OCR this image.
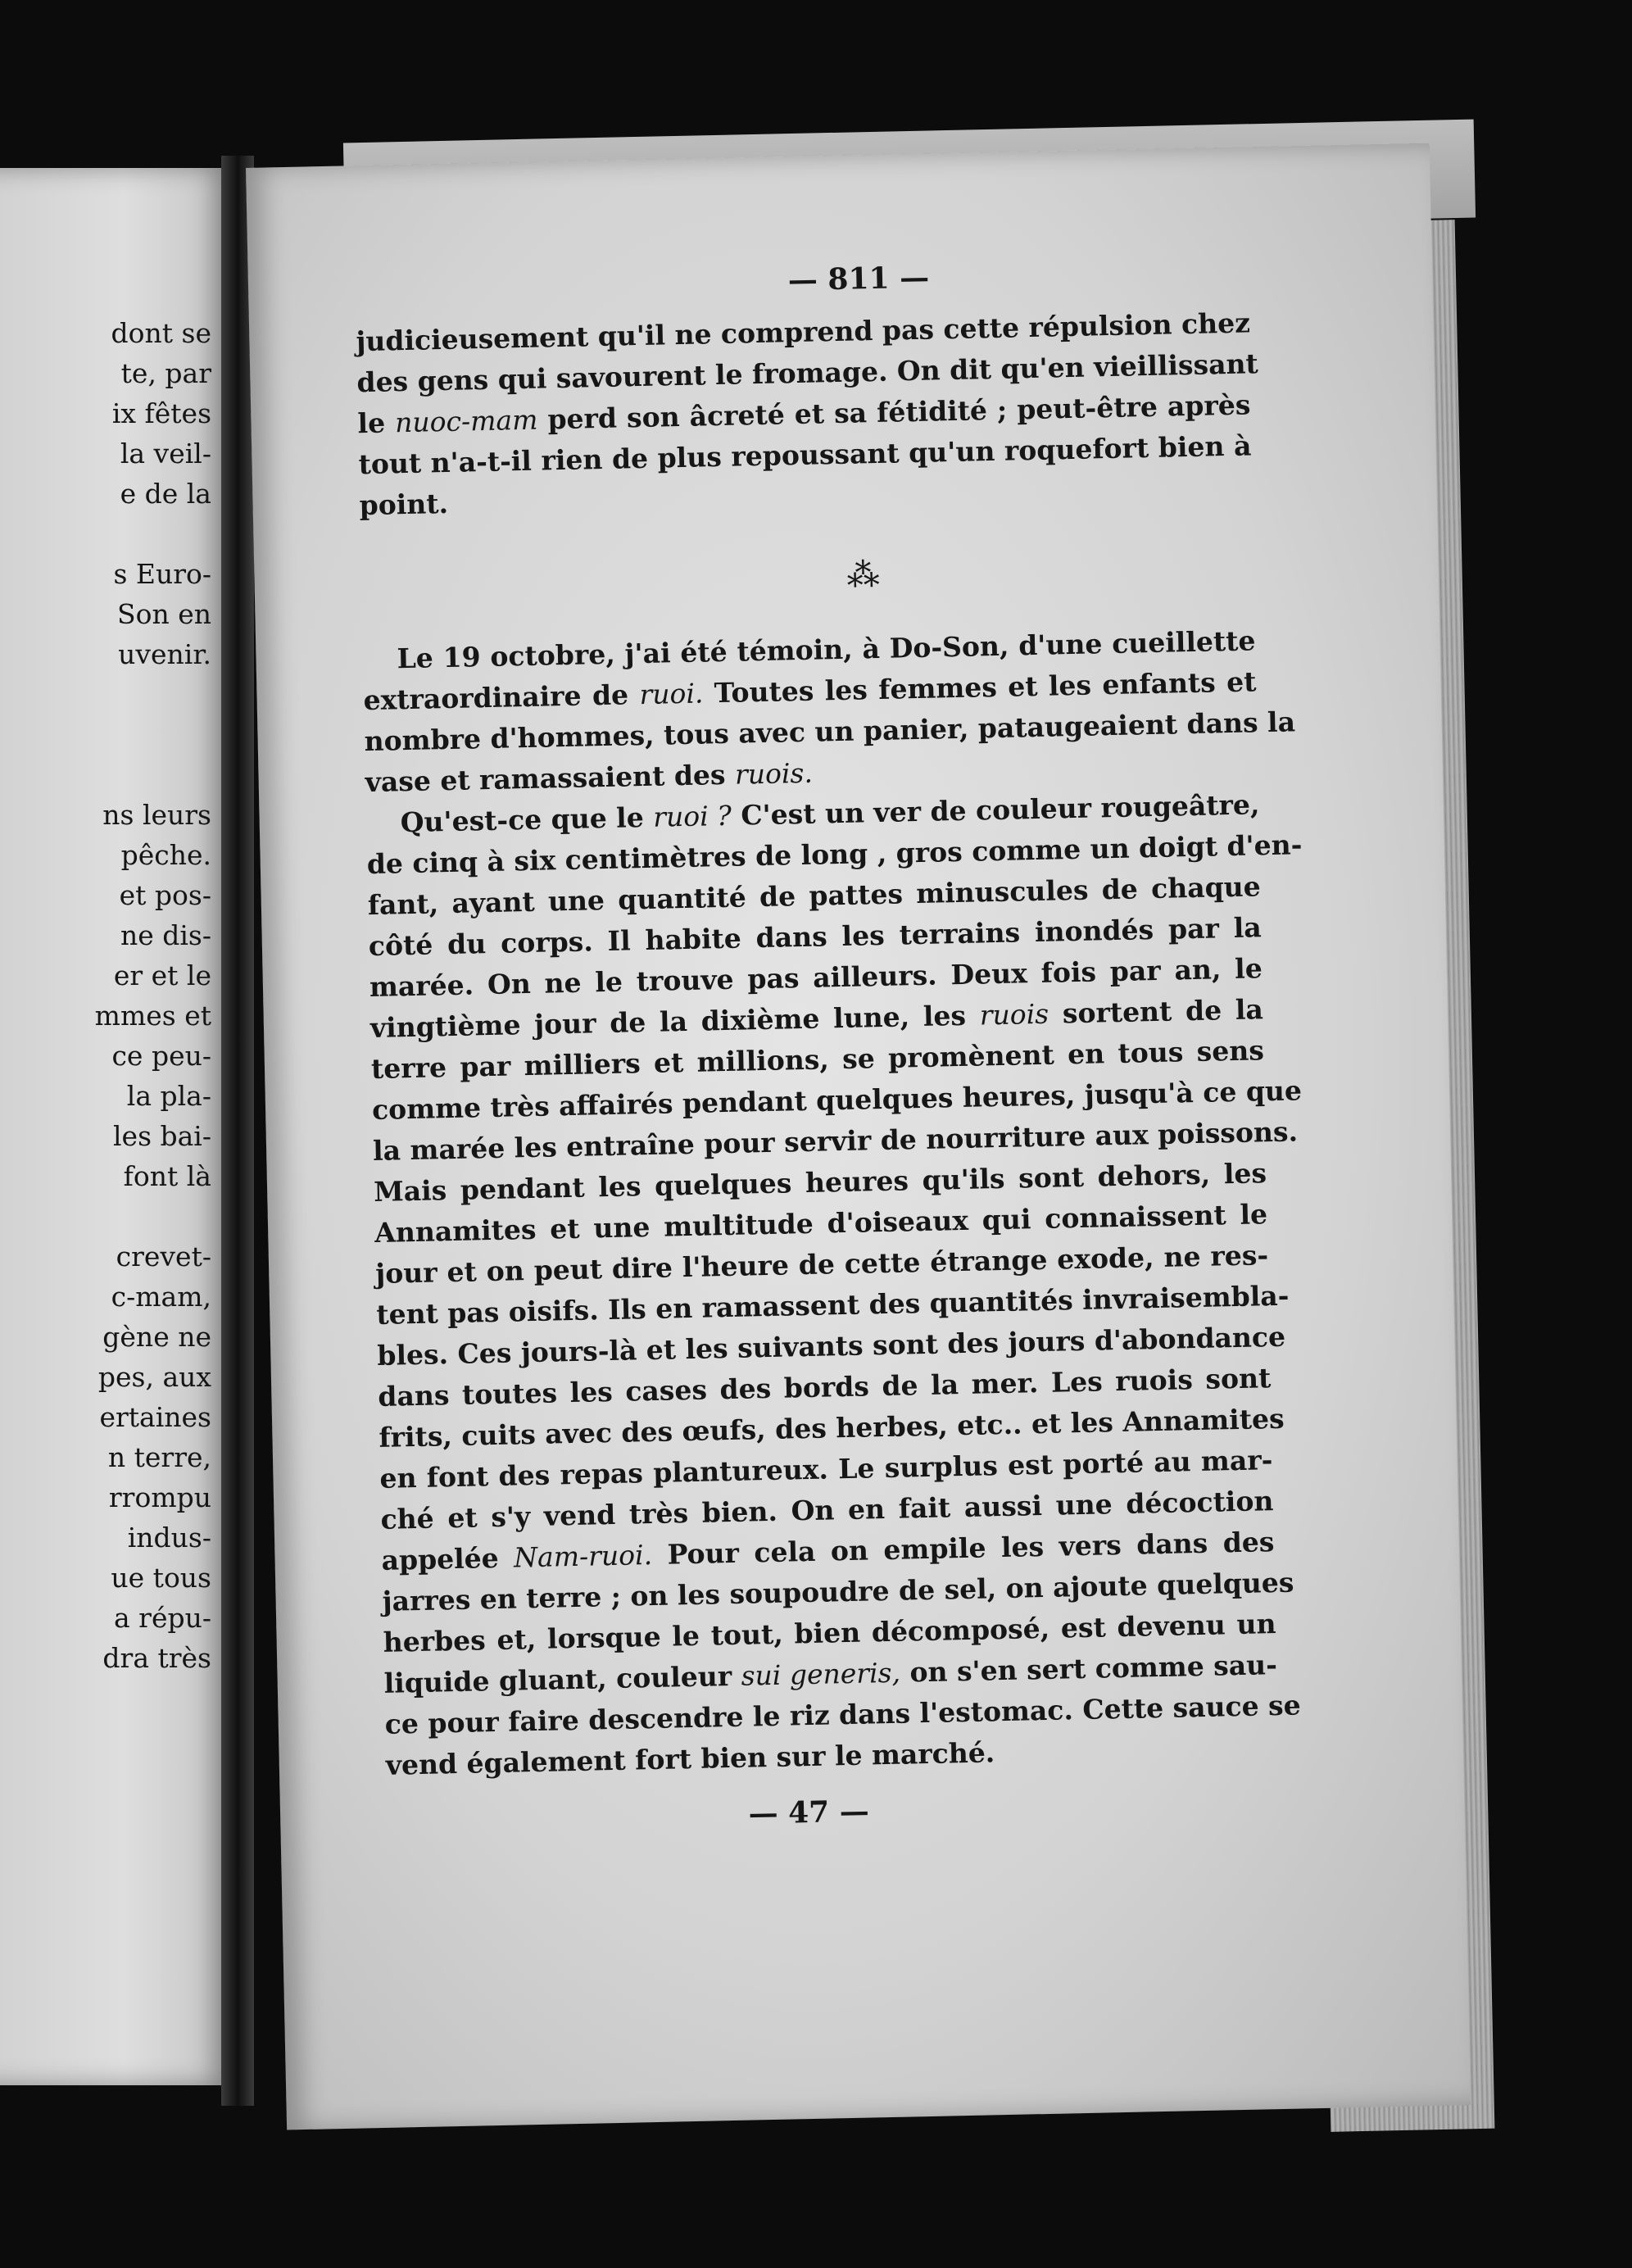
dont se
te, par
ix fêtes
la veil-
e de la
s Euro-
Son en
uvenir.
ns leurs
pêche.
et pos-
ne dis-
er et le
mmes et
ce peu-
la pla-
les bai-
font là
crevet-
c-mam,
gène ne
pes, aux
ertaines
n terre,
rrompu
indus-
ue tous
a répu-
dra très
— 811 —
judicieusement qu'il ne comprend pas cette répulsion chez
des gens qui savourent le fromage. On dit qu'en vieillissant
le nuoc-mam perd son âcreté et sa fétidité ; peut-être après
tout n'a-t-il rien de plus repoussant qu'un roquefort bien à
point.
⁂
Le 19 octobre, j'ai été témoin, à Do-Son, d'une cueillette
extraordinaire de ruoi. Toutes les femmes et les enfants et
nombre d'hommes, tous avec un panier, pataugeaient dans la
vase et ramassaient des ruois.
Qu'est-ce que le ruoi ? C'est un ver de couleur rougeâtre,
de cinq à six centimètres de long , gros comme un doigt d'en-
fant, ayant une quantité de pattes minuscules de chaque
côté du corps. Il habite dans les terrains inondés par la
marée. On ne le trouve pas ailleurs. Deux fois par an, le
vingtième jour de la dixième lune, les ruois sortent de la
terre par milliers et millions, se promènent en tous sens
comme très affairés pendant quelques heures, jusqu'à ce que
la marée les entraîne pour servir de nourriture aux poissons.
Mais pendant les quelques heures qu'ils sont dehors, les
Annamites et une multitude d'oiseaux qui connaissent le
jour et on peut dire l'heure de cette étrange exode, ne res-
tent pas oisifs. Ils en ramassent des quantités invraisembla-
bles. Ces jours-là et les suivants sont des jours d'abondance
dans toutes les cases des bords de la mer. Les ruois sont
frits, cuits avec des œufs, des herbes, etc.. et les Annamites
en font des repas plantureux. Le surplus est porté au mar-
ché et s'y vend très bien. On en fait aussi une décoction
appelée Nam-ruoi. Pour cela on empile les vers dans des
jarres en terre ; on les soupoudre de sel, on ajoute quelques
herbes et, lorsque le tout, bien décomposé, est devenu un
liquide gluant, couleur sui generis, on s'en sert comme sau-
ce pour faire descendre le riz dans l'estomac. Cette sauce se
vend également fort bien sur le marché.
— 47 —
